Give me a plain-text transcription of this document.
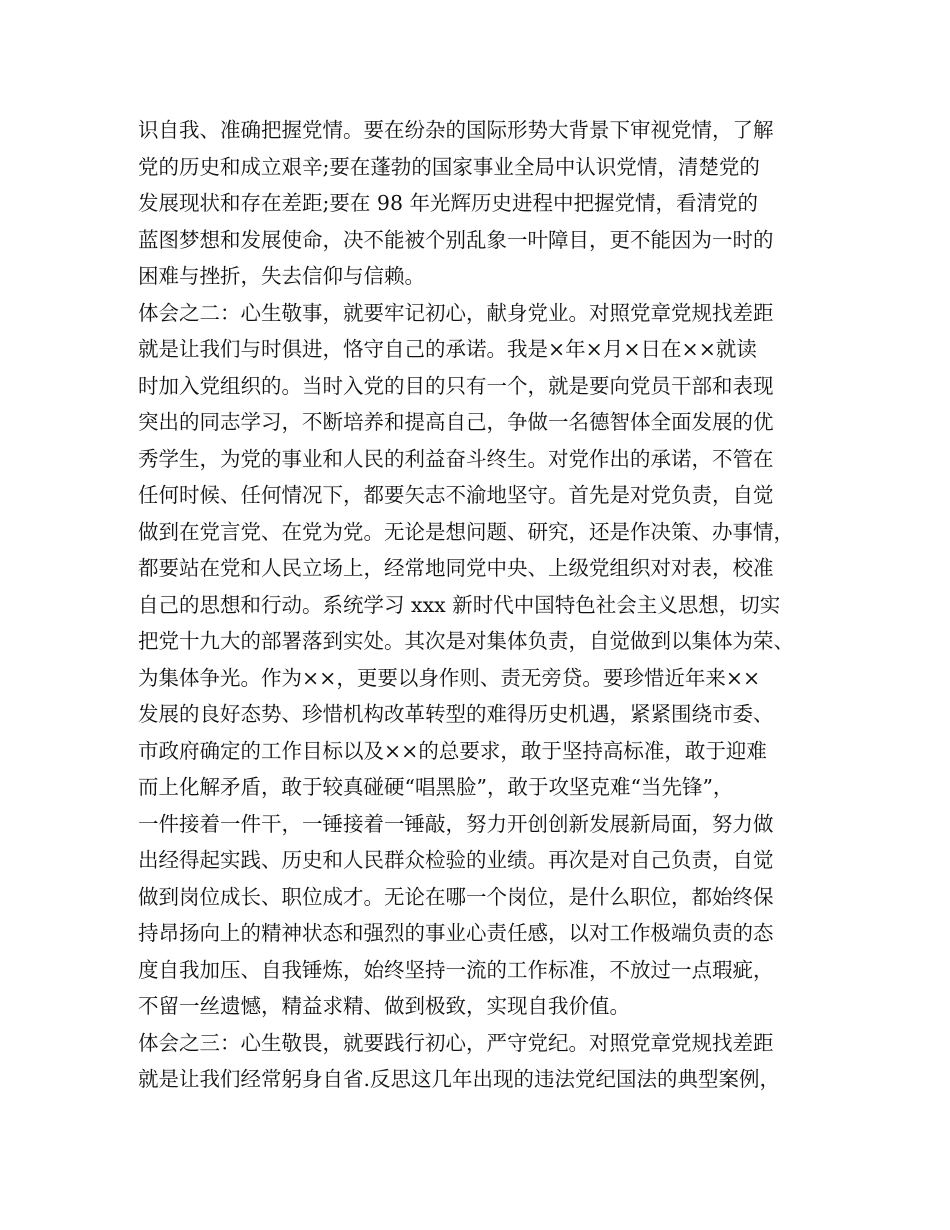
识自我、准确把握党情。要在纷杂的国际形势大背景下审视党情，了解

党的历史和成立艰辛;要在蓬勃的国家事业全局中认识党情，清楚党的

发展现状和存在差距;要在 98 年光辉历史进程中把握党情，看清党的

蓝图梦想和发展使命，决不能被个别乱象一叶障目，更不能因为一时的

困难与挫折，失去信仰与信赖。

体会之二：心生敬事，就要牢记初心，献身党业。对照党章党规找差距

就是让我们与时俱进，恪守自己的承诺。我是×年×月×日在××就读

时加入党组织的。当时入党的目的只有一个，就是要向党员干部和表现

突出的同志学习，不断培养和提高自己，争做一名德智体全面发展的优

秀学生，为党的事业和人民的利益奋斗终生。对党作出的承诺，不管在

任何时候、任何情况下，都要矢志不渝地坚守。首先是对党负责，自觉

做到在党言党、在党为党。无论是想问题、研究，还是作决策、办事情，

都要站在党和人民立场上，经常地同党中央、上级党组织对对表，校准

自己的思想和行动。系统学习 xxx 新时代中国特色社会主义思想，切实

把党十九大的部署落到实处。其次是对集体负责，自觉做到以集体为荣、

为集体争光。作为××，更要以身作则、责无旁贷。要珍惜近年来××

发展的良好态势、珍惜机构改革转型的难得历史机遇，紧紧围绕市委、

市政府确定的工作目标以及××的总要求，敢于坚持高标准，敢于迎难

而上化解矛盾，敢于较真碰硬“唱黑脸”，敢于攻坚克难“当先锋”，

一件接着一件干，一锤接着一锤敲，努力开创创新发展新局面，努力做

出经得起实践、历史和人民群众检验的业绩。再次是对自己负责，自觉

做到岗位成长、职位成才。无论在哪一个岗位，是什么职位，都始终保

持昂扬向上的精神状态和强烈的事业心责任感，以对工作极端负责的态

度自我加压、自我锤炼，始终坚持一流的工作标准，不放过一点瑕疵，

不留一丝遗憾，精益求精、做到极致，实现自我价值。

体会之三：心生敬畏，就要践行初心，严守党纪。对照党章党规找差距

就是让我们经常躬身自省.反思这几年出现的违法党纪国法的典型案例，
